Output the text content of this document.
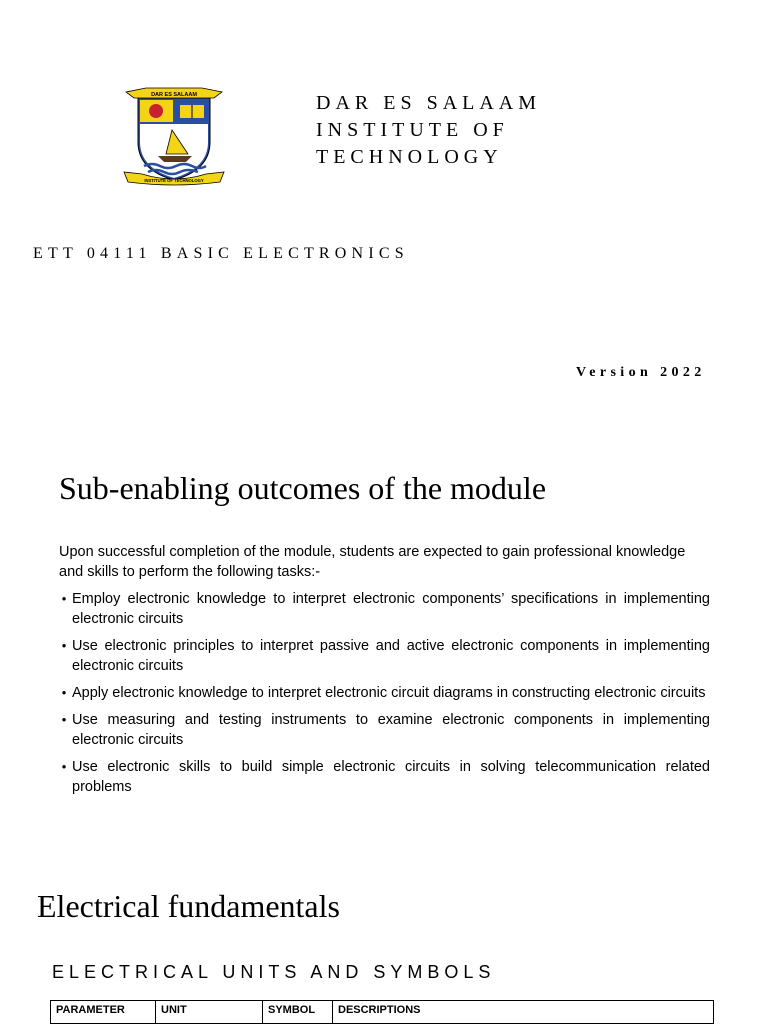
DAR ES SALAAM
INSTITUTE OF TECHNOLOGY
DAR ES SALAAM
INSTITUTE OF
TECHNOLOGY
ETT 04111 BASIC ELECTRONICS
Version 2022
Sub-enabling outcomes of the module
Upon successful completion of the module, students are expected to gain professional knowledge and skills to perform the following tasks:-
• Employ electronic knowledge to interpret electronic components’ specifications in implementing electronic circuits
• Use electronic principles to interpret passive and active electronic components in implementing electronic circuits
• Apply electronic knowledge to interpret electronic circuit diagrams in constructing electronic circuits
• Use measuring and testing instruments to examine electronic components in implementing electronic circuits
• Use electronic skills to build simple electronic circuits in solving telecommunication related problems
Electrical fundamentals
ELECTRICAL UNITS AND SYMBOLS
PARAMETER	UNIT	SYMBOL	DESCRIPTIONS
